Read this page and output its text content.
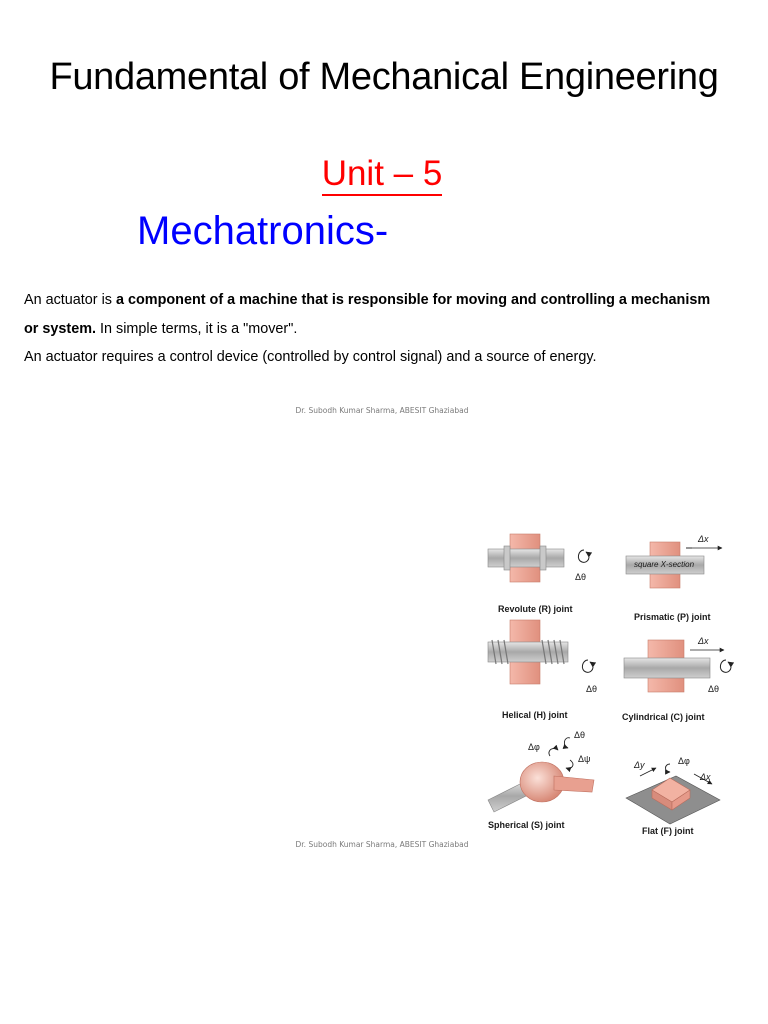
Fundamental of Mechanical Engineering
Unit – 5
Mechatronics-
An actuator is a component of a machine that is responsible for moving and controlling a mechanism or system. In simple terms, it is a "mover".
An actuator requires a control device (controlled by control signal) and a source of energy.
Dr. Subodh Kumar Sharma, ABESIT Ghaziabad
Revolute (R) joint
Δθ
Prismatic (P) joint
Δx
square X-section
Helical (H) joint
Δθ
Cylindrical (C) joint
Δx
Δθ
Spherical (S) joint
Δθ
Δφ
Δψ
Flat (F) joint
Δy	Δφ
Δx
Dr. Subodh Kumar Sharma, ABESIT Ghaziabad
